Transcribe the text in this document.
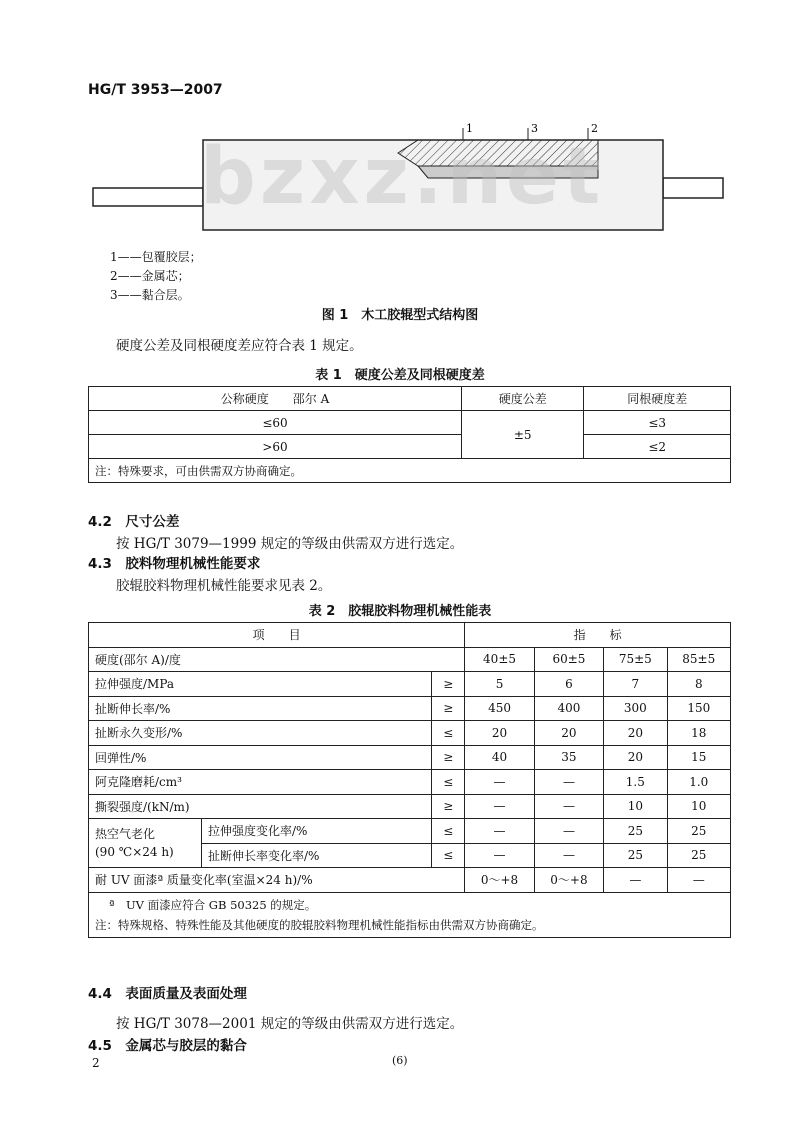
HG/T 3953—2007
1	3	2
bzxz.net
1——包覆胶层；
2——金属芯；
3——黏合层。
图 1　木工胶辊型式结构图
硬度公差及同根硬度差应符合表 1 规定。
表 1　硬度公差及同根硬度差
公称硬度　　邵尔 A	硬度公差	同根硬度差
≤60	±5	≤3
>60		≤2
注：特殊要求，可由供需双方协商确定。		
4.2　尺寸公差
按 HG/T 3079—1999 规定的等级由供需双方进行选定。
4.3　胶料物理机械性能要求
胶辊胶料物理机械性能要求见表 2。
表 2　胶辊胶料物理机械性能表
项　　目			指　　标			
硬度(邵尔 A)/度			40±5	60±5	75±5	85±5
拉伸强度/MPa		≥	5	6	7	8
扯断伸长率/%		≥	450	400	300	150
扯断永久变形/%		≤	20	20	20	18
回弹性/%		≥	40	35	20	15
阿克隆磨耗/cm³		≤	—	—	1.5	1.0
撕裂强度/(kN/m)		≥	—	—	10	10

热空气老化
(90 ℃×24 h)	拉伸强度变化率/%	≤	—	—	25	25
	扯断伸长率变化率/%	≤	—	—	25	25
耐 UV 面漆ª 质量变化率(室温×24 h)/%			0～+8	0～+8	—	—

ª　UV 面漆应符合 GB 50325 的规定。
注：特殊规格、特殊性能及其他硬度的胶辊胶料物理机械性能指标由供需双方协商确定。						
4.4　表面质量及表面处理
按 HG/T 3078—2001 规定的等级由供需双方进行选定。
4.5　金属芯与胶层的黏合
2	(6)
